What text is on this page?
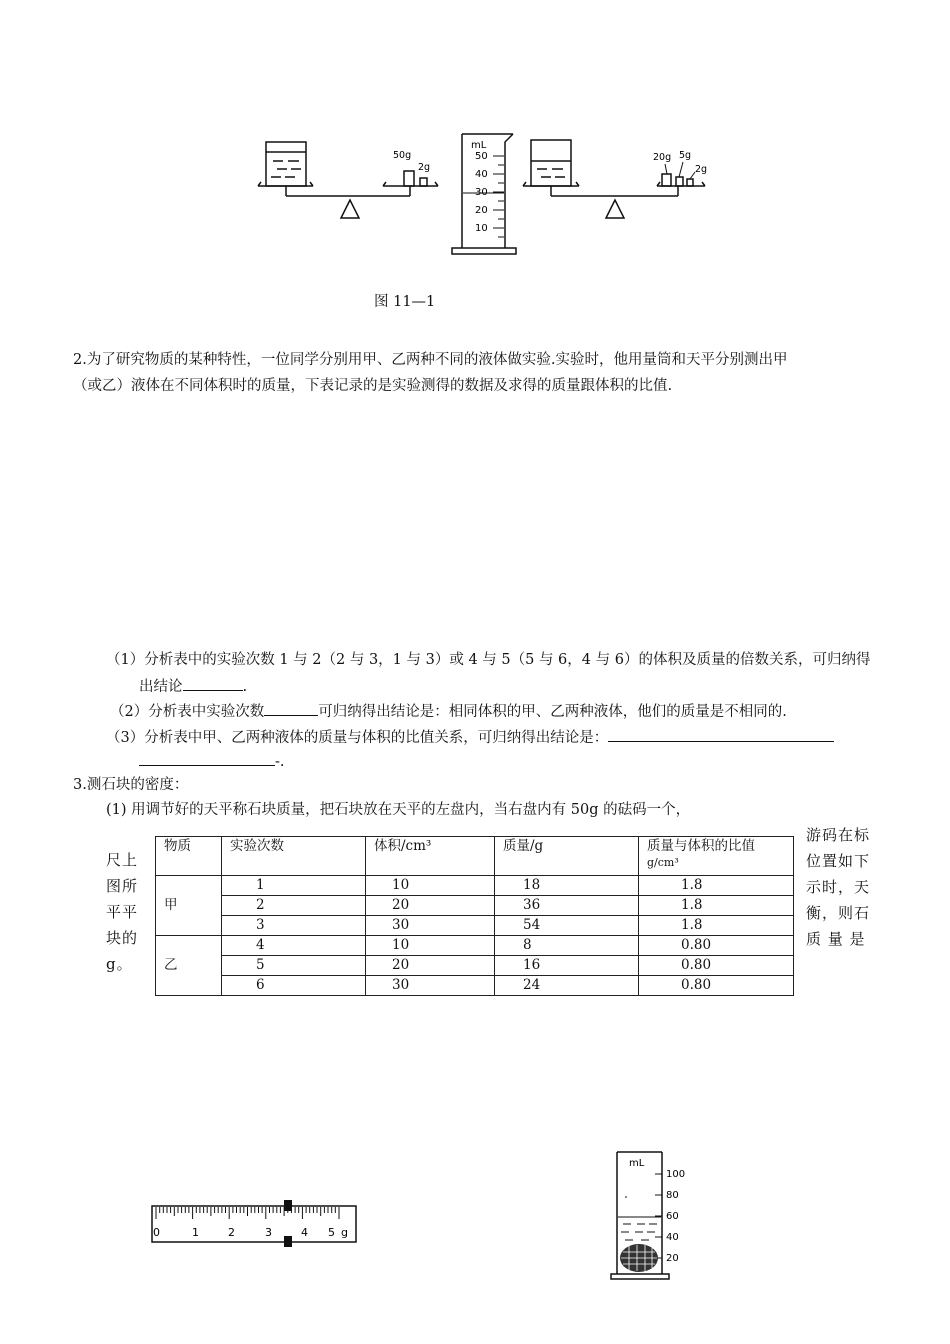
50g
2g
mL
50
40
30
20
10
20g 5g
2g
图 11—1
2.为了研究物质的某种特性，一位同学分别用甲、乙两种不同的液体做实验.实验时，他用量筒和天平分别测出甲
（或乙）液体在不同体积时的质量，下表记录的是实验测得的数据及求得的质量跟体积的比值.
（1）分析表中的实验次数 1 与 2（2 与 3，1 与 3）或 4 与 5（5 与 6，4 与 6）的体积及质量的倍数关系，可归纳得
出结论	.
（2）分析表中实验次数	可归纳得出结论是：相同体积的甲、乙两种液体，他们的质量是不相同的.
（3）分析表中甲、乙两种液体的质量与体积的比值关系，可归纳得出结论是：
-.
3.测石块的密度：
(1) 用调节好的天平称石块质量，把石块放在天平的左盘内，当右盘内有 50g 的砝码一个，
游码在标
位置如下
示时，天
衡，则石
质 量 是
尺上
图所
平平
块的
g。
物质	实验次数	体积/cm³	质量/g	质量与体积的比值
g/cm³

甲	1	10	18	1.8
	2	20	36	1.8
	3	30	54	1.8
乙	4	10	8	0.80
	5	20	16	0.80
	6	30	24	0.80
0	1	2	3	4 5 g
mL
100
80
60
40
20
